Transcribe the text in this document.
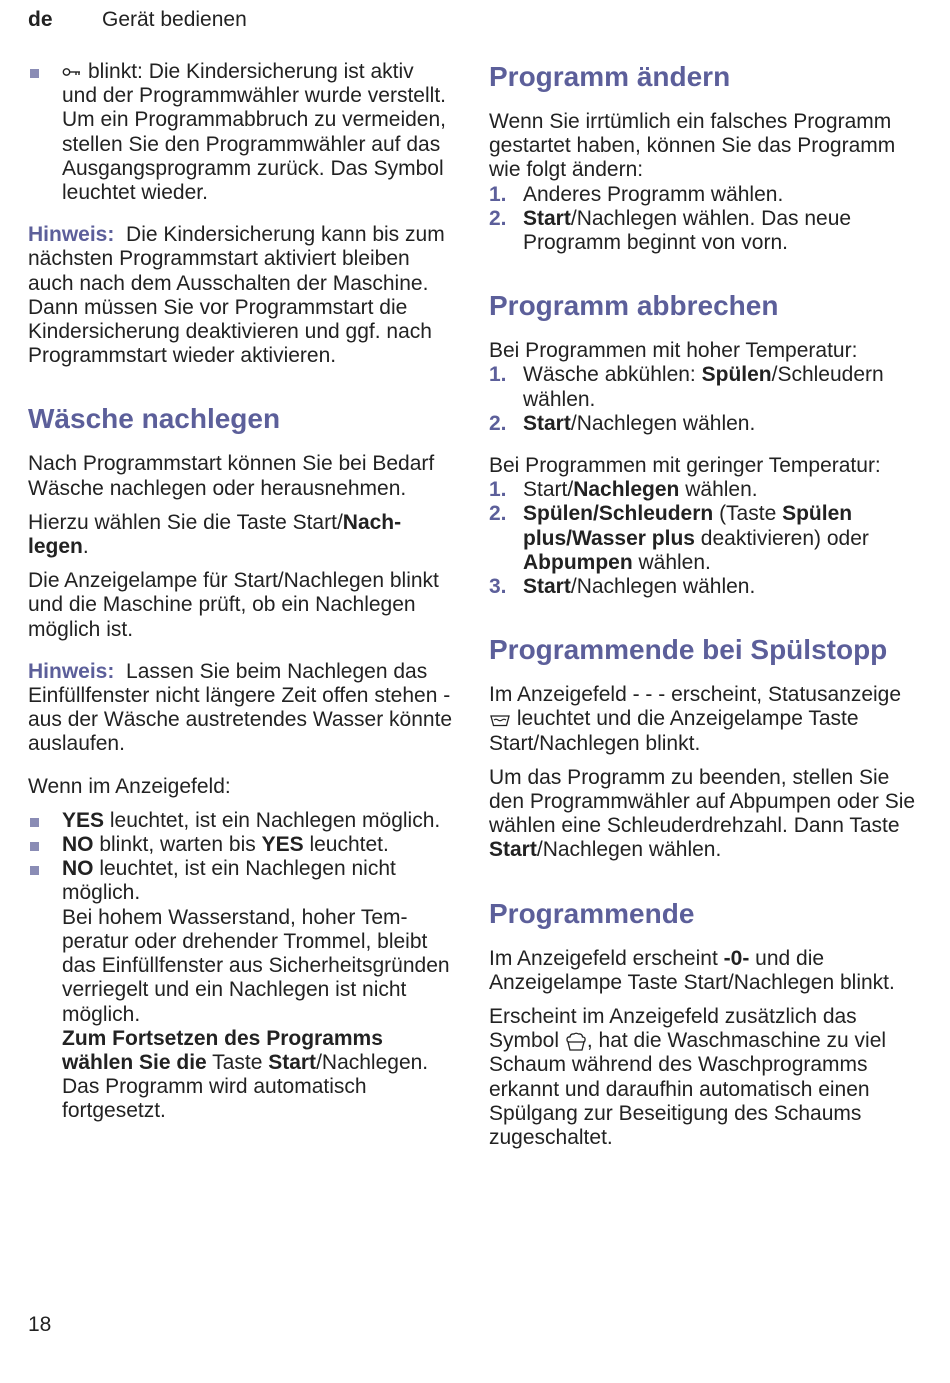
de Gerät bedienen
blinkt: Die Kindersicherung ist aktiv und der Programmwähler wurde verstellt. Um ein Programmabbruch zu vermeiden, stellen Sie den Programmwähler auf das Ausgangsprogramm zurück. Das Symbol leuchtet wieder.

Hinweis: Die Kindersicherung kann bis zum nächsten Programmstart aktiviert bleiben auch nach dem Ausschalten der Maschine.

Dann müssen Sie vor Programmstart die Kindersicherung deaktivieren und ggf. nach Programmstart wieder aktivieren.

Wäsche nachlegen

Nach Programmstart können Sie bei Bedarf Wäsche nachlegen oder herausnehmen.

Hierzu wählen Sie die Taste Start/Nachlegen.

Die Anzeigelampe für Start/Nachlegen blinkt und die Maschine prüft, ob ein Nachlegen möglich ist.

Hinweis: Lassen Sie beim Nachlegen das Einfüllfenster nicht längere Zeit offen stehen - aus der Wäsche austretendes Wasser könnte auslaufen.

Wenn im Anzeigefeld:

YES leuchtet, ist ein Nachlegen möglich.
NO blinkt, warten bis YES leuchtet.
NO leuchtet, ist ein Nachlegen nicht möglich.

Bei hohem Wasserstand, hoher Temperatur oder drehender Trommel, bleibt das Einfüllfenster aus Sicherheitsgründen verriegelt und ein Nachlegen ist nicht möglich.

Zum Fortsetzen des Programms wählen Sie die Taste Start/Nachlegen. Das Programm wird automatisch fortgesetzt.

Programm ändern

Wenn Sie irrtümlich ein falsches Programm gestartet haben, können Sie das Programm wie folgt ändern:

1. Anderes Programm wählen.
2. Start/Nachlegen wählen. Das neue Programm beginnt von vorn.
Programm abbrechen

Bei Programmen mit hoher Temperatur:

1. Wäsche abkühlen: Spülen/Schleudern wählen.
2. Start/Nachlegen wählen.

Bei Programmen mit geringer Temperatur:

1. Start/Nachlegen wählen.
2. Spülen/Schleudern (Taste Spülen plus/Wasser plus deaktivieren) oder Abpumpen wählen.
3. Start/Nachlegen wählen.
Programmende bei Spülstopp

Im Anzeigefeld - - - erscheint, Statusanzeige  leuchtet und die Anzeigelampe Taste Start/Nachlegen blinkt.

Um das Programm zu beenden, stellen Sie den Programmwähler auf Abpumpen oder Sie wählen eine Schleuderdrehzahl. Dann Taste Start/Nachlegen wählen.

Programmende

Im Anzeigefeld erscheint -0- und die Anzeigelampe Taste Start/Nachlegen blinkt.

Erscheint im Anzeigefeld zusätzlich das Symbol , hat die Waschmaschine zu viel Schaum während des Waschprogramms erkannt und daraufhin automatisch einen Spülgang zur Beseitigung des Schaums zugeschaltet.

18
